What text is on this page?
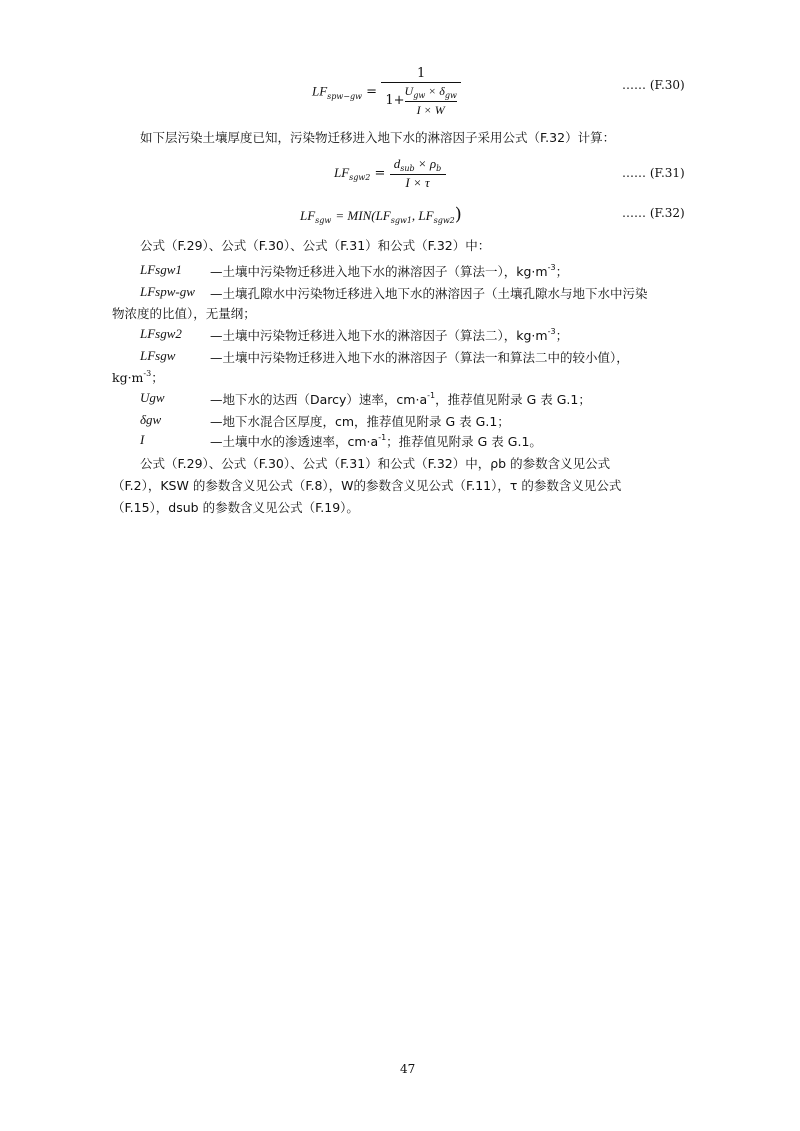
$LF_{spw-gw} = \frac{1}{1+ \frac{U_{gw} \times \delta_{gw}}{I \times W}}$	…… (F.30)
如下层污染土壤厚度已知，污染物迁移进入地下水的淋溶因子采用公式（F.32）计算：
$LF_{sgw2} = \frac{d_{sub} \times \rho_b}{I \times \tau}$	…… (F.31)
$LF_{sgw} = MIN(LF_{sgw1}$, $LF_{sgw2}$)	…… (F.32)
公式（F.29）、公式（F.30）、公式（F.31）和公式（F.32）中：
LFsgw1	—土壤中污染物迁移进入地下水的淋溶因子（算法一），$kg\cdot m^{-3}$；
LFspw-gw	—土壤孔隙水中污染物迁移进入地下水的淋溶因子（土壤孔隙水与地下水中污染
物浓度的比值），无量纲；
LFsgw2	—土壤中污染物迁移进入地下水的淋溶因子（算法二），$kg\cdot m^{-3}$；
LFsgw	—土壤中污染物迁移进入地下水的淋溶因子（算法一和算法二中的较小值），
$kg\cdot m^{-3}$；
Ugw	—地下水的达西（Darcy）速率，$cm\cdot a^{-1}$，推荐值见附录 G 表 G.1；
δgw	—地下水混合区厚度，cm，推荐值见附录 G 表 G.1；
I	—土壤中水的渗透速率，$cm\cdot a^{-1}$；推荐值见附录 G 表 G.1。
公式（F.29）、公式（F.30）、公式（F.31）和公式（F.32）中，ρb 的参数含义见公式
（F.2），KSW 的参数含义见公式（F.8），W的参数含义见公式（F.11），τ 的参数含义见公式
（F.15），dsub 的参数含义见公式（F.19）。
47
